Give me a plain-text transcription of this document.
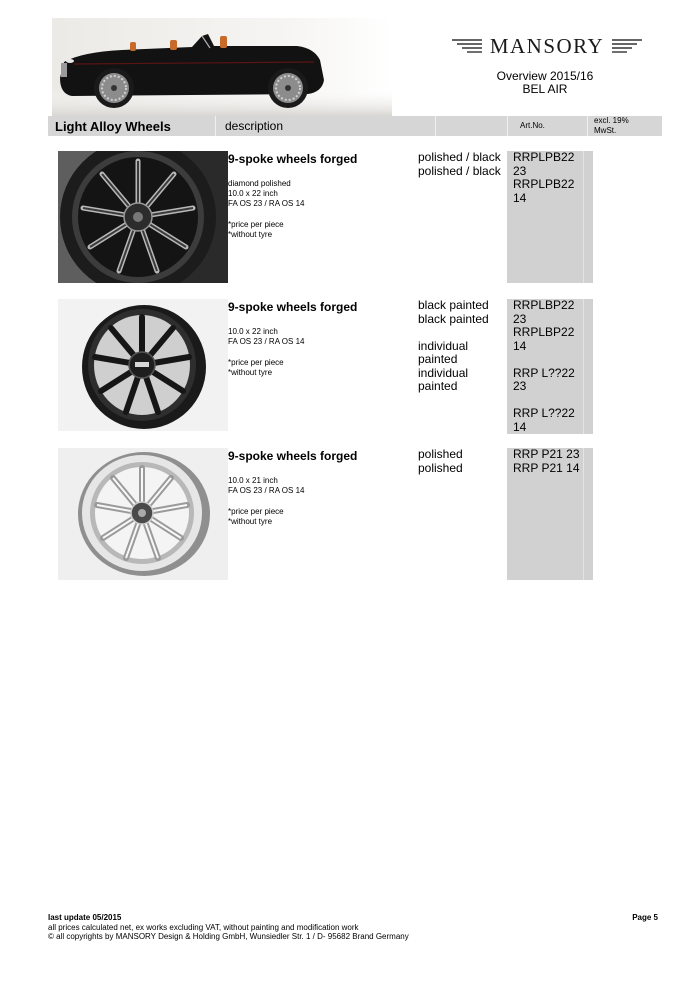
MANSORY
Overview 2015/16
BEL AIR
Light Alloy Wheels	description	Art.No.
excl. 19%
MwSt.
9-spoke wheels forged
diamond polished
10.0 x 22 inch
FA OS 23 / RA OS 14
*price per piece
*without tyre
polished / black
polished / black
RRPLPB22
23
RRPLPB22
14
9-spoke wheels forged
10.0 x 22 inch
FA OS 23 / RA OS 14
*price per piece
*without tyre
black painted
black painted
individual
painted
individual
painted
RRPLBP22
23
RRPLBP22
14
RRP L??22
23
RRP L??22
14
9-spoke wheels forged
10.0 x 21 inch
FA OS 23 / RA OS 14
*price per piece
*without tyre
polished
polished
RRP P21 23
RRP P21 14
last update 05/2015
all prices calculated net, ex works excluding VAT, without painting and modification work
© all copyrights by MANSORY Design & Holding GmbH, Wunsiedler Str. 1 / D- 95682 Brand Germany
Page 5
